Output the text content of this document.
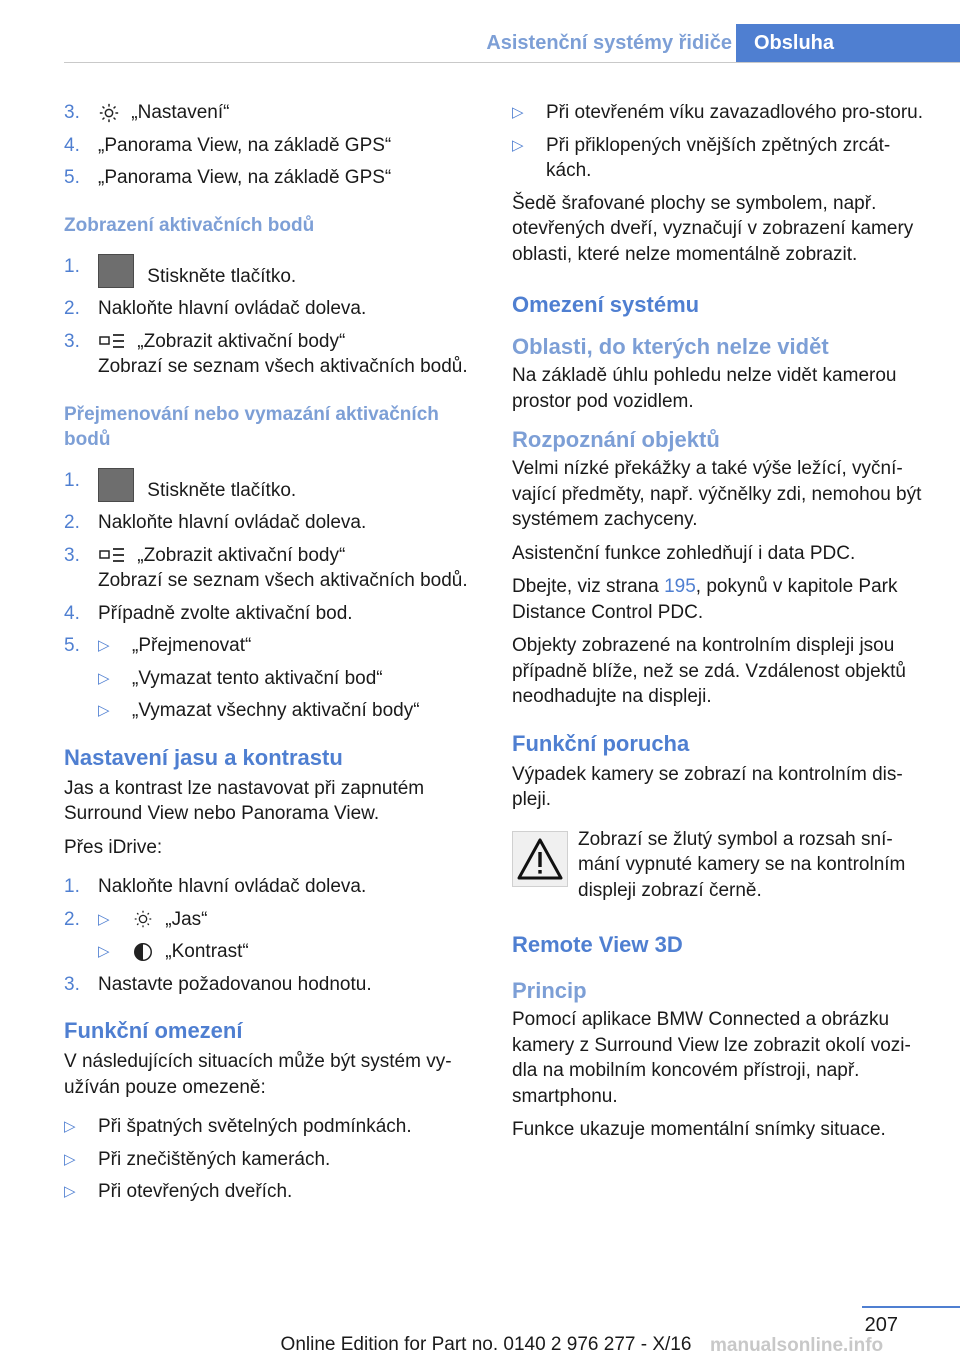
Asistenční systémy řidiče	Obsluha
3.	„Nastavení“
4. „Panorama View, na základě GPS“
5. „Panorama View, na základě GPS“
Zobrazení aktivačních bodů
1.	Stiskněte tlačítko.
2. Nakloňte hlavní ovládač doleva.
3.	„Zobrazit aktivační body“
Zobrazí se seznam všech aktivačních bodů.
Přejmenování nebo vymazání aktivačních bodů
1.	Stiskněte tlačítko.
2. Nakloňte hlavní ovládač doleva.
3.	„Zobrazit aktivační body“
Zobrazí se seznam všech aktivačních bodů.
4. Případně zvolte aktivační bod.
5. ▷ „Přejmenovat“
▷ „Vymazat tento aktivační bod“
▷ „Vymazat všechny aktivační body“
Nastavení jasu a kontrastu
Jas a kontrast lze nastavovat při zapnutém Surround View nebo Panorama View.
Přes iDrive:
1. Nakloňte hlavní ovládač doleva.
2. ▷	„Jas“
▷	„Kontrast“
3. Nastavte požadovanou hodnotu.
Funkční omezení
V následujících situacích může být systém vy-užíván pouze omezeně:
▷ Při špatných světelných podmínkách.
▷ Při znečištěných kamerách.
▷ Při otevřených dveřích.
▷ Při otevřeném víku zavazadlového pro-storu.
▷ Při přiklopených vnějších zpětných zrcát-kách.
Šedě šrafované plochy se symbolem, např. otevřených dveří, vyznačují v zobrazení kamery oblasti, které nelze momentálně zobrazit.
Omezení systému
Oblasti, do kterých nelze vidět
Na základě úhlu pohledu nelze vidět kamerou prostor pod vozidlem.
Rozpoznání objektů
Velmi nízké překážky a také výše ležící, vyční-vající předměty, např. výčnělky zdi, nemohou být systémem zachyceny.
Asistenční funkce zohledňují i data PDC.
Dbejte, viz strana 195, pokynů v kapitole Park Distance Control PDC.
Objekty zobrazené na kontrolním displeji jsou případně blíže, než se zdá. Vzdálenost objektů neodhadujte na displeji.
Funkční porucha
Výpadek kamery se zobrazí na kontrolním dis-pleji.
Zobrazí se žlutý symbol a rozsah sní-mání vypnuté kamery se na kontrolním displeji zobrazí černě.
Remote View 3D
Princip
Pomocí aplikace BMW Connected a obrázku kamery z Surround View lze zobrazit okolí vozi-dla na mobilním koncovém přístroji, např. smartphonu.
Funkce ukazuje momentální snímky situace.
207
Online Edition for Part no. 0140 2 976 277 - X/16 manualsonline.info
